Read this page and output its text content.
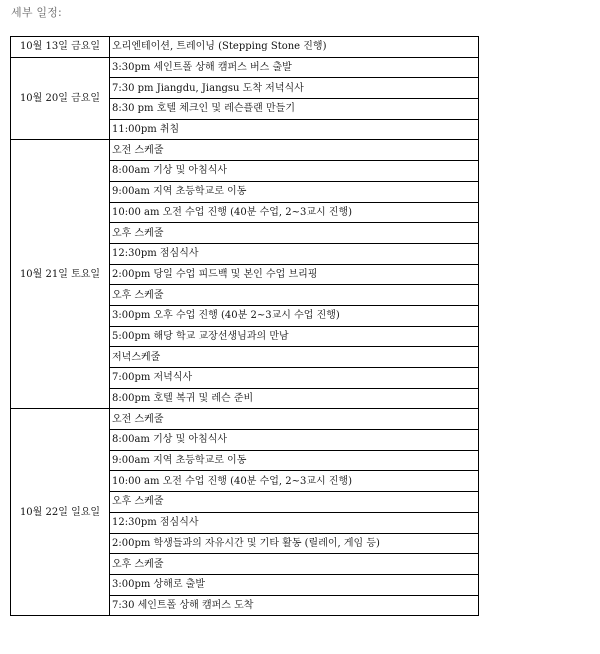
세부 일정:
10월 13일 금요일	오리엔테이션, 트레이닝 (Stepping Stone 진행)
10월 20일 금요일	3:30pm 세인트폴 상해 캠퍼스 버스 출발
	7:30 pm Jiangdu, Jiangsu 도착 저녁식사
	8:30 pm 호텔 체크인 및 레슨플랜 만들기
	11:00pm 취침
10월 21일 토요일	오전 스케줄
	8:00am 기상 및 아침식사
	9:00am 지역 초등학교로 이동
	10:00 am 오전 수업 진행 (40분 수업, 2~3교시 진행)
	오후 스케줄
	12:30pm 점심식사
	2:00pm 당일 수업 피드백 및 본인 수업 브리핑
	오후 스케줄
	3:00pm 오후 수업 진행 (40분 2~3교시 수업 진행)
	5:00pm 해당 학교 교장선생님과의 만남
	저녁스케줄
	7:00pm 저녁식사
	8:00pm 호텔 복귀 및 레슨 준비
10월 22일 일요일	오전 스케줄
	8:00am 기상 및 아침식사
	9:00am 지역 초등학교로 이동
	10:00 am 오전 수업 진행 (40분 수업, 2~3교시 진행)
	오후 스케줄
	12:30pm 점심식사
	2:00pm 학생들과의 자유시간 및 기타 활동 (릴레이, 게임 등)
	오후 스케줄
	3:00pm 상해로 출발
	7:30 세인트폴 상해 캠퍼스 도착
